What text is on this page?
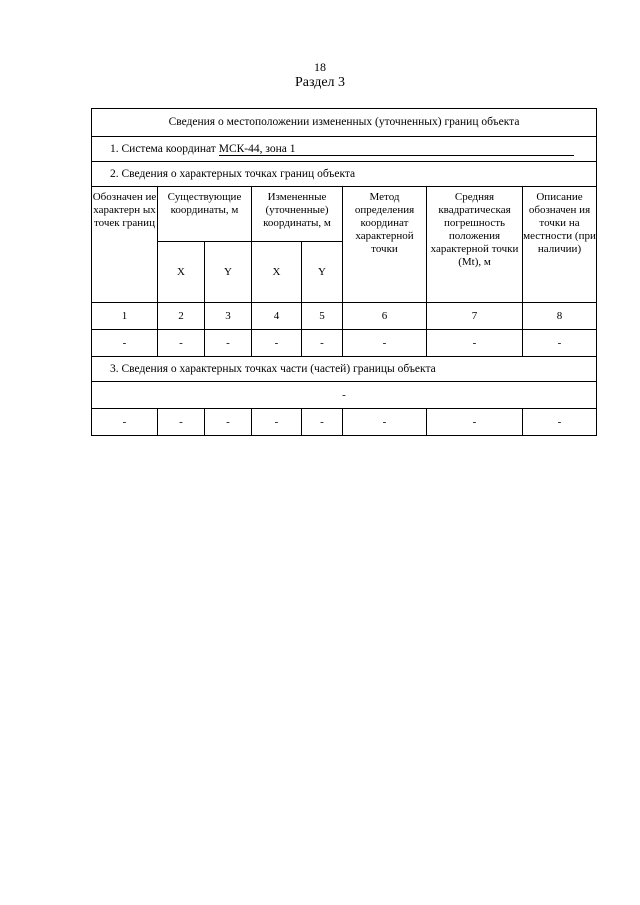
18
Раздел 3
Сведения о местоположении измененных (уточненных) границ объекта							
1. Система координат МСК-44, зона 1							
2. Сведения о характерных точках границ объекта							
Обозначен ие характерн ых точек границ	Существующие координаты, м		Измененные (уточненные) координаты, м		Метод определения координат характерной точки	Средняя квадратическая погрешность положения характерной точки (Mt), м	Описание обозначен ия точки на местности (при наличии)
	X	Y	X	Y			
1	2	3	4	5	6	7	8
-	-	-	-	-	-	-	-
3. Сведения о характерных точках части (частей) границы объекта							
-							
-	-	-	-	-	-	-	-
